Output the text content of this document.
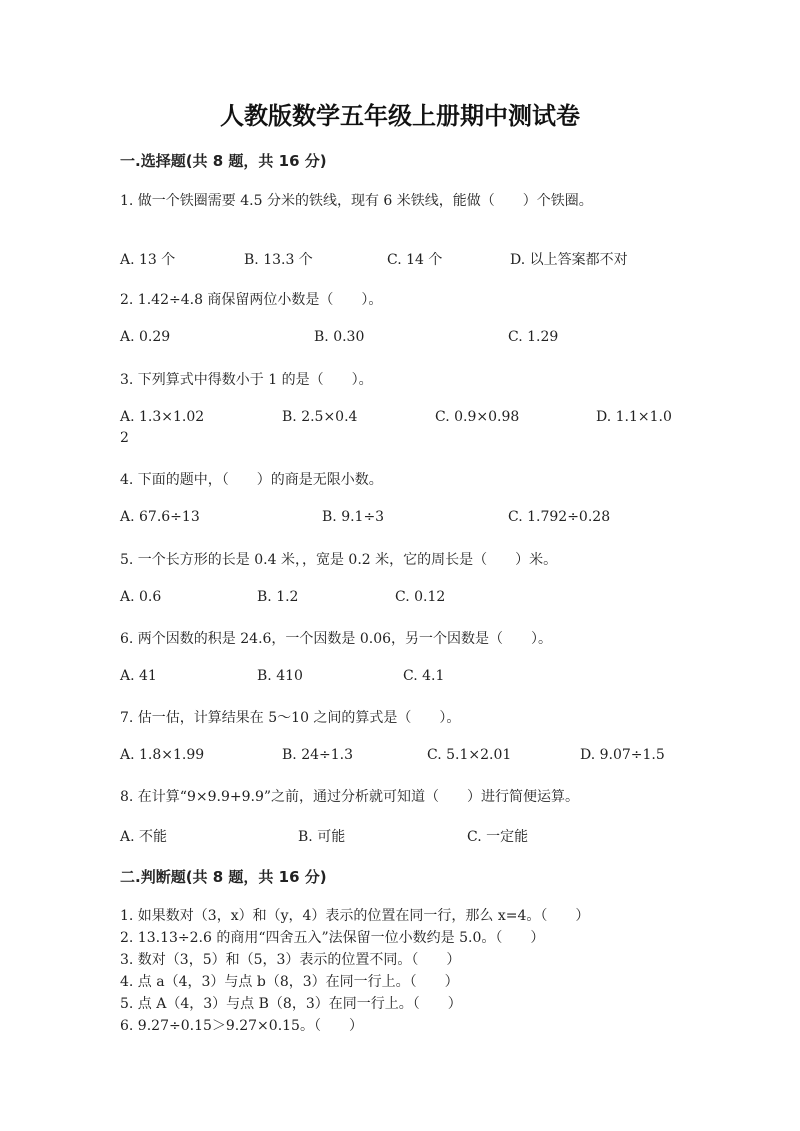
人教版数学五年级上册期中测试卷
一.选择题(共 8 题，共 16 分)
1. 做一个铁圈需要 4.5 分米的铁线，现有 6 米铁线，能做（　　）个铁圈。
A. 13 个	B. 13.3 个	C. 14 个	D. 以上答案都不对
2. 1.42÷4.8 商保留两位小数是（　　）。
A. 0.29	B. 0.30	C. 1.29
3. 下列算式中得数小于 1 的是（　　）。
A. 1.3×1.02	B. 2.5×0.4	C. 0.9×0.98	D. 1.1×1.0
2
4. 下面的题中，（　　）的商是无限小数。
A. 67.6÷13	B. 9.1÷3	C. 1.792÷0.28
5. 一个长方形的长是 0.4 米，，宽是 0.2 米，它的周长是（　　）米。
A. 0.6	B. 1.2	C. 0.12
6. 两个因数的积是 24.6，一个因数是 0.06，另一个因数是（　　）。
A. 41	B. 410	C. 4.1
7. 估一估，计算结果在 5～10 之间的算式是（　　）。
A. 1.8×1.99	B. 24÷1.3	C. 5.1×2.01	D. 9.07÷1.5
8. 在计算“9×9.9+9.9”之前，通过分析就可知道（　　）进行简便运算。
A. 不能	B. 可能	C. 一定能
二.判断题(共 8 题，共 16 分)
1. 如果数对（3，x）和（y，4）表示的位置在同一行，那么 x=4。（　　）
2. 13.13÷2.6 的商用“四舍五入”法保留一位小数约是 5.0。（　　）
3. 数对（3，5）和（5，3）表示的位置不同。（　　）
4. 点 a（4，3）与点 b（8，3）在同一行上。（　　）
5. 点 A（4，3）与点 B（8，3）在同一行上。（　　）
6. 9.27÷0.15＞9.27×0.15。（　　）
